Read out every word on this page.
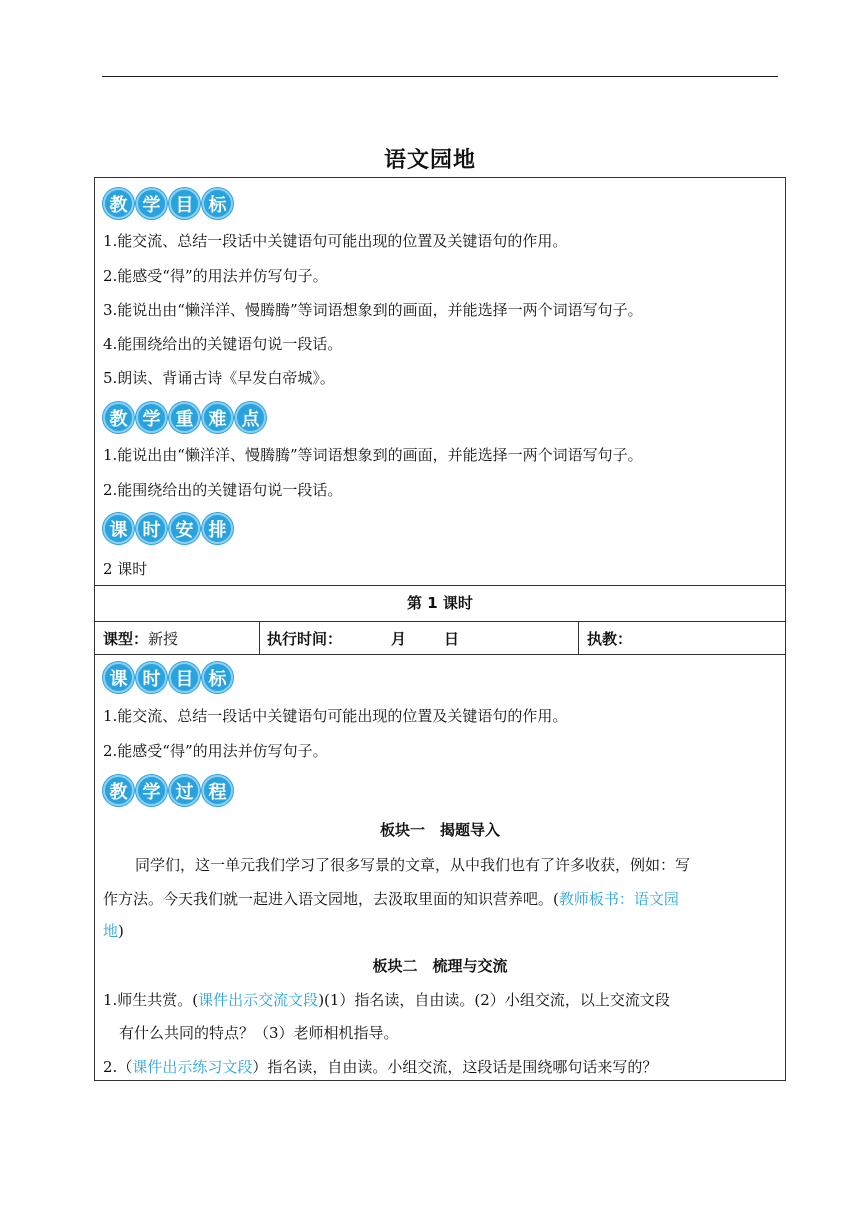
语文园地
教 学 目 标
1.能交流、总结一段话中关键语句可能出现的位置及关键语句的作用。
2.能感受“得”的用法并仿写句子。
3.能说出由“懒洋洋、慢腾腾”等词语想象到的画面，并能选择一两个词语写句子。
4.能围绕给出的关键语句说一段话。
5.朗读、背诵古诗《早发白帝城》。
教 学 重 难 点
1.能说出由“懒洋洋、慢腾腾”等词语想象到的画面，并能选择一两个词语写句子。
2.能围绕给出的关键语句说一段话。
课 时 安 排
2 课时
第 1 课时
课型：新授	执行时间：	月	日	执教：
课 时 目 标
1.能交流、总结一段话中关键语句可能出现的位置及关键语句的作用。
2.能感受“得”的用法并仿写句子。
教 学 过 程
板块一　揭题导入
同学们，这一单元我们学习了很多写景的文章，从中我们也有了许多收获，例如：写
作方法。今天我们就一起进入语文园地，去汲取里面的知识营养吧。(教师板书：语文园
地)
板块二　梳理与交流
1.师生共赏。(课件出示交流文段)(1）指名读，自由读。(2）小组交流，以上交流文段
有什么共同的特点？（3）老师相机指导。
2.（课件出示练习文段）指名读，自由读。小组交流，这段话是围绕哪句话来写的？
